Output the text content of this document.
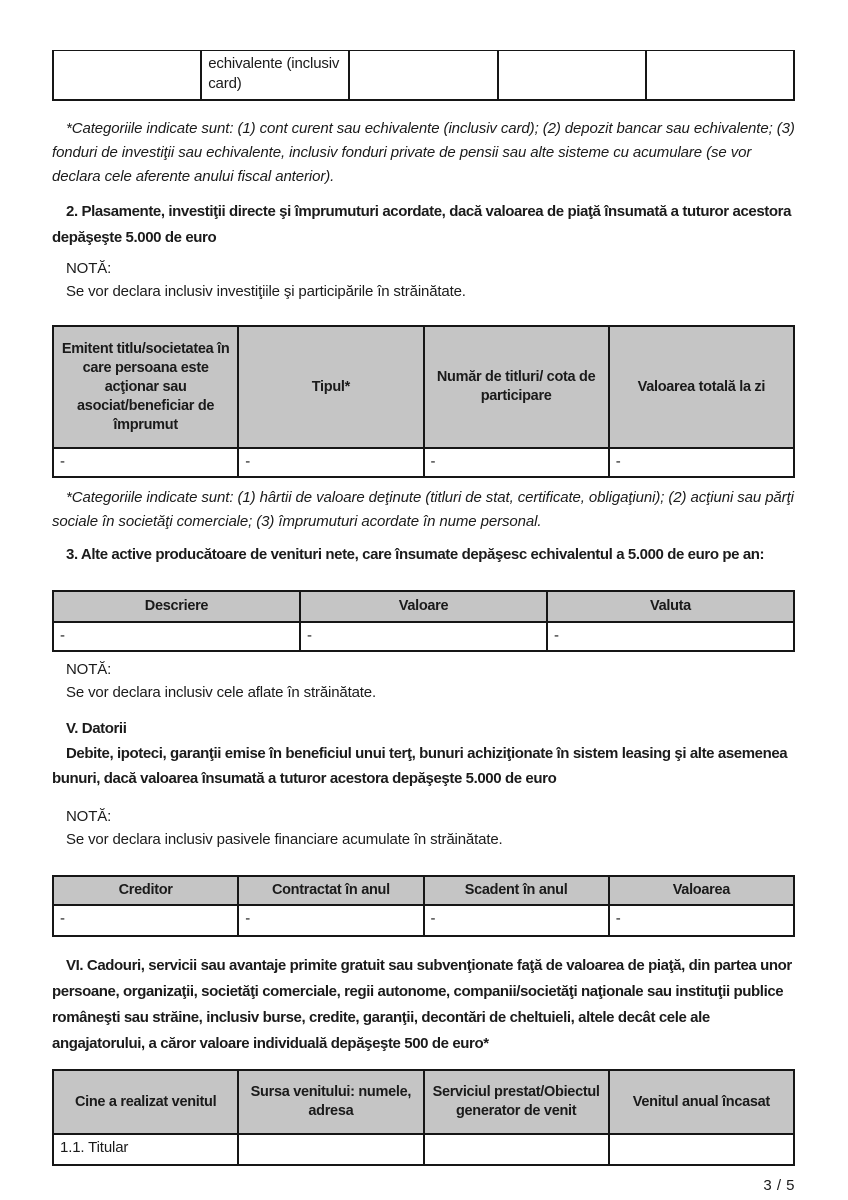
	echivalente (inclusiv card)			

*Categoriile indicate sunt: (1) cont curent sau echivalente (inclusiv card); (2) depozit bancar sau echivalente; (3) fonduri de investiţii sau echivalente, inclusiv fonduri private de pensii sau alte sisteme cu acumulare (se vor declara cele aferente anului fiscal anterior).

2. Plasamente, investiţii directe şi împrumuturi acordate, dacă valoarea de piaţă însumată a tuturor acestora depăşeşte 5.000 de euro

NOTĂ:
Se vor declara inclusiv investiţiile şi participările în străinătate.
Emitent titlu/societatea în care persoana este acţionar sau asociat/beneficiar de împrumut	Tipul*	Număr de titluri/ cota de participare	Valoarea totală la zi
-	-	-	-

*Categoriile indicate sunt: (1) hârtii de valoare deţinute (titluri de stat, certificate, obligaţiuni); (2) acţiuni sau părţi sociale în societăţi comerciale; (3) împrumuturi acordate în nume personal.

3. Alte active producătoare de venituri nete, care însumate depăşesc echivalentul a 5.000 de euro pe an:

Descriere	Valoare	Valuta
-	-	-
NOTĂ:
Se vor declara inclusiv cele aflate în străinătate.

V. Datorii

Debite, ipoteci, garanţii emise în beneficiul unui terţ, bunuri achiziţionate în sistem leasing şi alte asemenea bunuri, dacă valoarea însumată a tuturor acestora depăşeşte 5.000 de euro

NOTĂ:
Se vor declara inclusiv pasivele financiare acumulate în străinătate.
Creditor	Contractat în anul	Scadent în anul	Valoarea
-	-	-	-

VI. Cadouri, servicii sau avantaje primite gratuit sau subvenţionate faţă de valoarea de piaţă, din partea unor persoane, organizaţii, societăţi comerciale, regii autonome, companii/societăţi naţionale sau instituţii publice româneşti sau străine, inclusiv burse, credite, garanţii, decontări de cheltuieli, altele decât cele ale angajatorului, a căror valoare individuală depăşeşte 500 de euro*

Cine a realizat venitul	Sursa venitului: numele, adresa	Serviciul prestat/Obiectul generator de venit	Venitul anual încasat
1.1. Titular			
3 / 5
